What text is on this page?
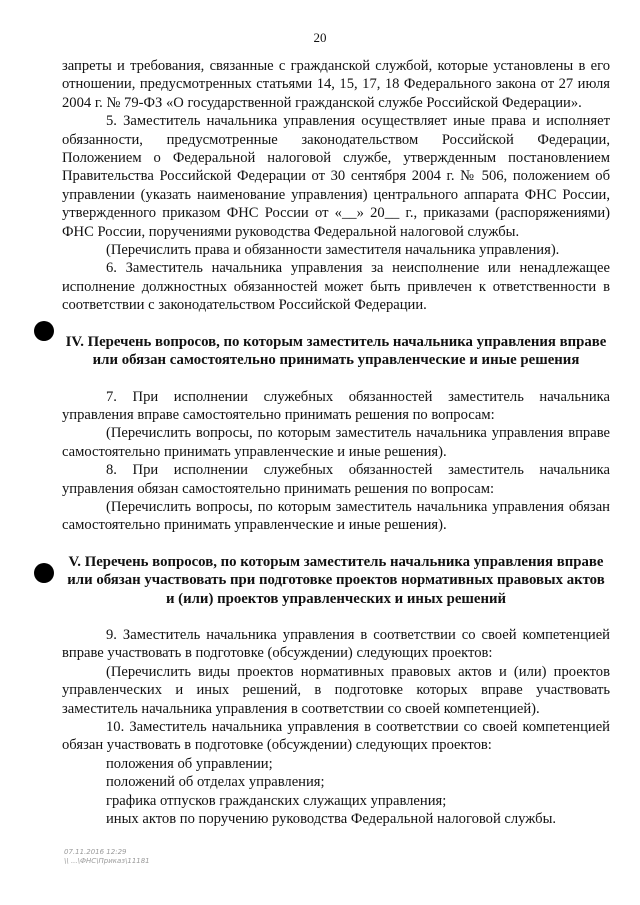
20

запреты и требования, связанные с гражданской службой, которые установлены в его отношении, предусмотренных статьями 14, 15, 17, 18 Федерального закона от 27 июля 2004 г. № 79-ФЗ «О государственной гражданской службе Российской Федерации».

5. Заместитель начальника управления осуществляет иные права и исполняет обязанности, предусмотренные законодательством Российской Федерации, Положением о Федеральной налоговой службе, утвержденным постановлением Правительства Российской Федерации от 30 сентября 2004 г. № 506, положением об управлении (указать наименование управления) центрального аппарата ФНС России, утвержденного приказом ФНС России от «__» 20__ г., приказами (распоряжениями) ФНС России, поручениями руководства Федеральной налоговой службы.

(Перечислить права и обязанности заместителя начальника управления).

6. Заместитель начальника управления за неисполнение или ненадлежащее исполнение должностных обязанностей может быть привлечен к ответственности в соответствии с законодательством Российской Федерации.

IV. Перечень вопросов, по которым заместитель начальника управления вправе или обязан самостоятельно принимать управленческие и иные решения

7. При исполнении служебных обязанностей заместитель начальника управления вправе самостоятельно принимать решения по вопросам:

(Перечислить вопросы, по которым заместитель начальника управления вправе самостоятельно принимать управленческие и иные решения).

8. При исполнении служебных обязанностей заместитель начальника управления обязан самостоятельно принимать решения по вопросам:

(Перечислить вопросы, по которым заместитель начальника управления обязан самостоятельно принимать управленческие и иные решения).

V. Перечень вопросов, по которым заместитель начальника управления вправе или обязан участвовать при подготовке проектов нормативных правовых актов и (или) проектов управленческих и иных решений

9. Заместитель начальника управления в соответствии со своей компетенцией вправе участвовать в подготовке (обсуждении) следующих проектов:

(Перечислить виды проектов нормативных правовых актов и (или) проектов управленческих и иных решений, в подготовке которых вправе участвовать заместитель начальника управления в соответствии со своей компетенцией).

10. Заместитель начальника управления в соответствии со своей компетенцией обязан участвовать в подготовке (обсуждении) следующих проектов:

положения об управлении;

положений об отделах управления;

графика отпусков гражданских служащих управления;

иных актов по поручению руководства Федеральной налоговой службы.

07.11.2016 12:29
\\ ...\ФНС\Приказ\11181
